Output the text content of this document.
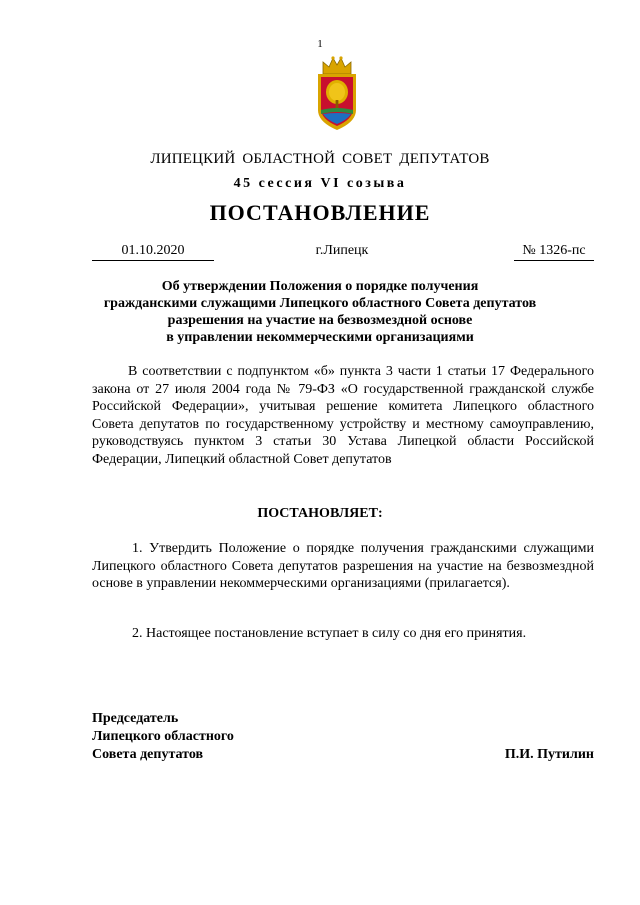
1
ЛИПЕЦКИЙ ОБЛАСТНОЙ СОВЕТ ДЕПУТАТОВ
45 сессия VI созыва
ПОСТАНОВЛЕНИЕ
01.10.2020	г.Липецк	№ 1326-пс
Об утверждении Положения о порядке получения
гражданскими служащими Липецкого областного Совета депутатов
разрешения на участие на безвозмездной основе
в управлении некоммерческими организациями
В соответствии с подпунктом «б» пункта 3 части 1 статьи 17 Федерального закона от 27 июля 2004 года № 79-ФЗ «О государственной гражданской службе Российской Федерации», учитывая решение комитета Липецкого областного Совета депутатов по государственному устройству и местному самоуправлению, руководствуясь пунктом 3 статьи 30 Устава Липецкой области Российской Федерации, Липецкий областной Совет депутатов
ПОСТАНОВЛЯЕТ:
1. Утвердить Положение о порядке получения гражданскими служащими Липецкого областного Совета депутатов разрешения на участие на безвозмездной основе в управлении некоммерческими организациями (прилагается).
2. Настоящее постановление вступает в силу со дня его принятия.
Председатель
Липецкого областного
Совета депутатов	П.И. Путилин
